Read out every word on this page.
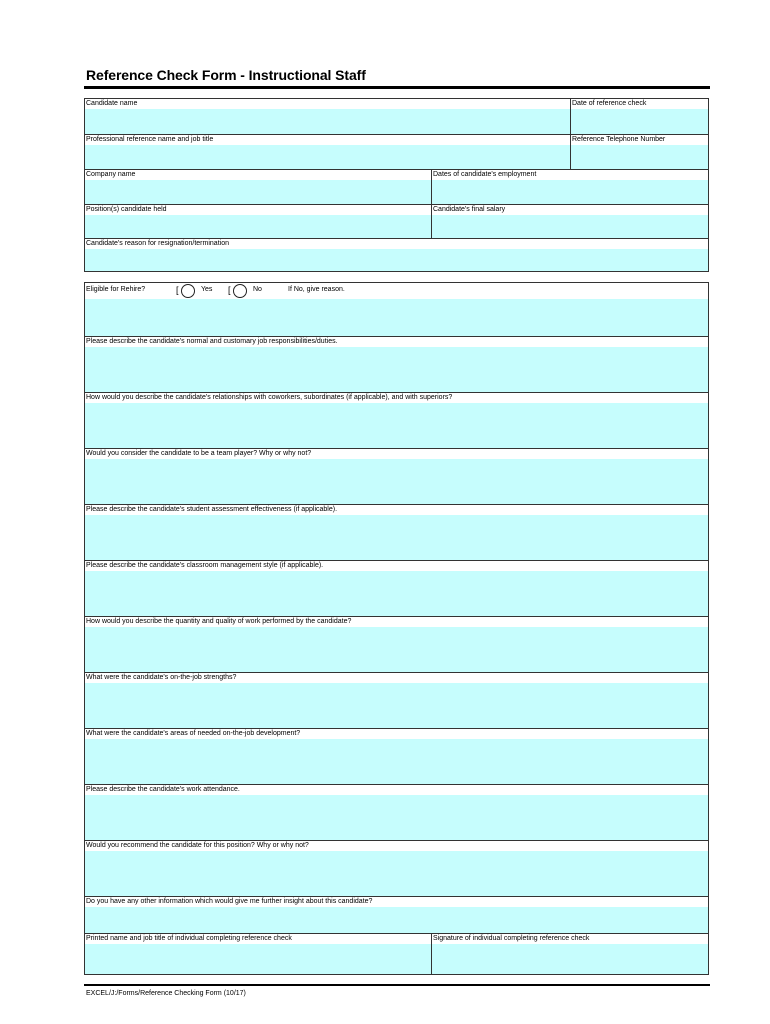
Reference Check Form - Instructional Staff
Candidate name	Date of reference check
Professional reference name and job title	Reference Telephone Number
Company name	Dates of candidate's employment
Position(s) candidate held	Candidate's final salary
Candidate's reason for resignation/termination
Eligible for Rehire?	[	Yes [	No	If No, give reason.
Please describe the candidate's normal and customary job responsibilities/duties.
How would you describe the candidate's relationships with coworkers, subordinates (if applicable), and with superiors?
Would you consider the candidate to be a team player? Why or why not?
Please describe the candidate's student assessment effectiveness (if applicable).
Please describe the candidate's classroom management style (if applicable).
How would you describe the quantity and quality of work performed by the candidate?
What were the candidate's on-the-job strengths?
What were the candidate's areas of needed on-the-job development?
Please describe the candidate's work attendance.
Would you recommend the candidate for this position? Why or why not?
Do you have any other information which would give me further insight about this candidate?
Printed name and job title of individual completing reference check	Signature of individual completing reference check
EXCEL/J:/Forms/Reference Checking Form (10/17)
